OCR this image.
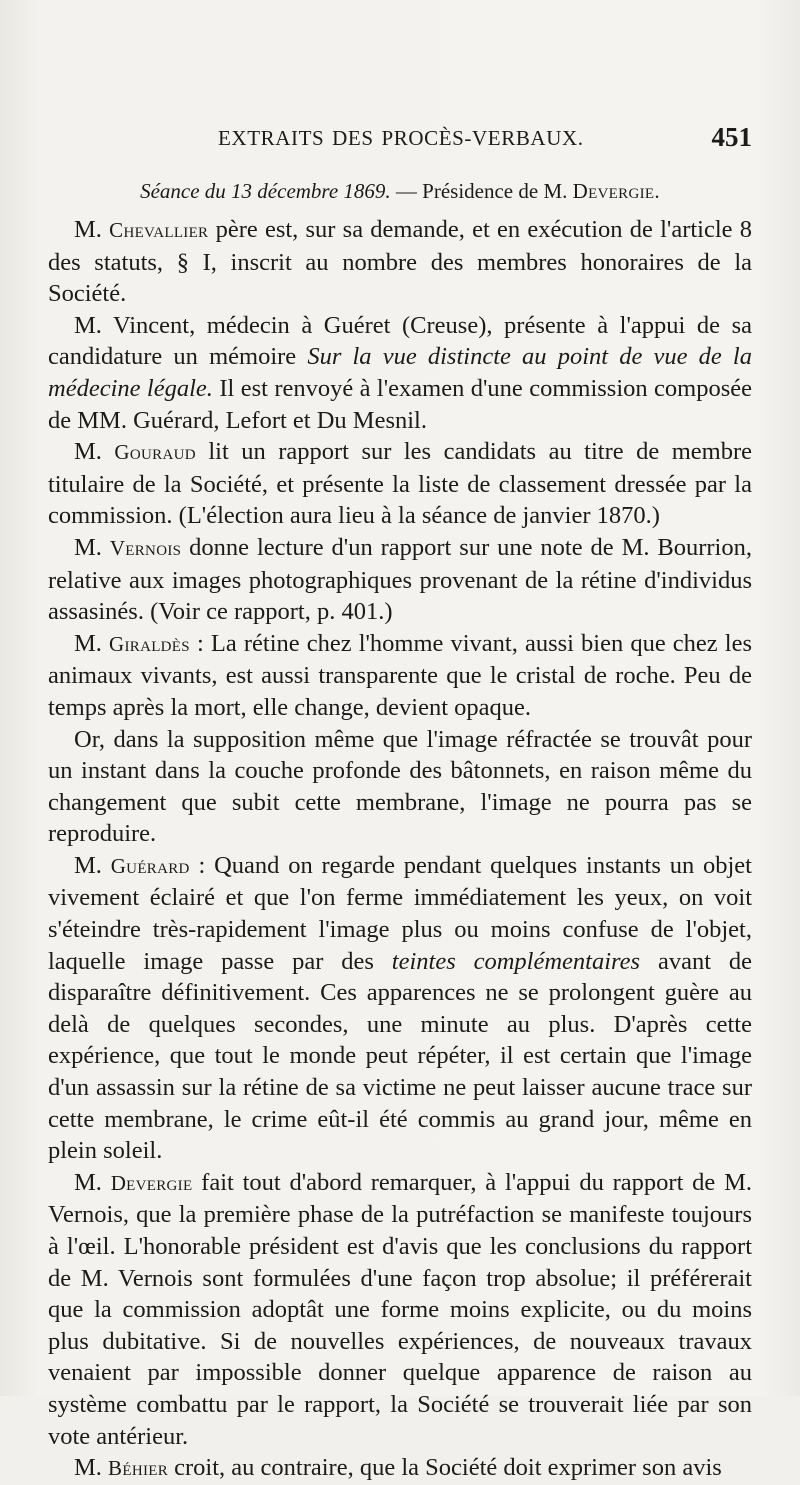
EXTRAITS DES PROCÈS-VERBAUX.	451

Séance du 13 décembre 1869. — Présidence de M. Devergie.

M. Chevallier père est, sur sa demande, et en exécution de l'article 8 des statuts, § I, inscrit au nombre des membres honoraires de la Société.

M. Vincent, médecin à Guéret (Creuse), présente à l'appui de sa candidature un mémoire Sur la vue distincte au point de vue de la médecine légale. Il est renvoyé à l'examen d'une commission composée de MM. Guérard, Lefort et Du Mesnil.

M. Gouraud lit un rapport sur les candidats au titre de membre titulaire de la Société, et présente la liste de classement dressée par la commission. (L'élection aura lieu à la séance de janvier 1870.)

M. Vernois donne lecture d'un rapport sur une note de M. Bourrion, relative aux images photographiques provenant de la rétine d'individus assasinés. (Voir ce rapport, p. 401.)

M. Giraldès : La rétine chez l'homme vivant, aussi bien que chez les animaux vivants, est aussi transparente que le cristal de roche. Peu de temps après la mort, elle change, devient opaque.

Or, dans la supposition même que l'image réfractée se trouvât pour un instant dans la couche profonde des bâtonnets, en raison même du changement que subit cette membrane, l'image ne pourra pas se reproduire.

M. Guérard : Quand on regarde pendant quelques instants un objet vivement éclairé et que l'on ferme immédiatement les yeux, on voit s'éteindre très-rapidement l'image plus ou moins confuse de l'objet, laquelle image passe par des teintes complémentaires avant de disparaître définitivement. Ces apparences ne se prolongent guère au delà de quelques secondes, une minute au plus. D'après cette expérience, que tout le monde peut répéter, il est certain que l'image d'un assassin sur la rétine de sa victime ne peut laisser aucune trace sur cette membrane, le crime eût-il été commis au grand jour, même en plein soleil.

M. Devergie fait tout d'abord remarquer, à l'appui du rapport de M. Vernois, que la première phase de la putréfaction se manifeste toujours à l'œil. L'honorable président est d'avis que les conclusions du rapport de M. Vernois sont formulées d'une façon trop absolue; il préférerait que la commission adoptât une forme moins explicite, ou du moins plus dubitative. Si de nouvelles expériences, de nouveaux travaux venaient par impossible donner quelque apparence de raison au système combattu par le rapport, la Société se trouverait liée par son vote antérieur.

M. Béhier croit, au contraire, que la Société doit exprimer son avis
